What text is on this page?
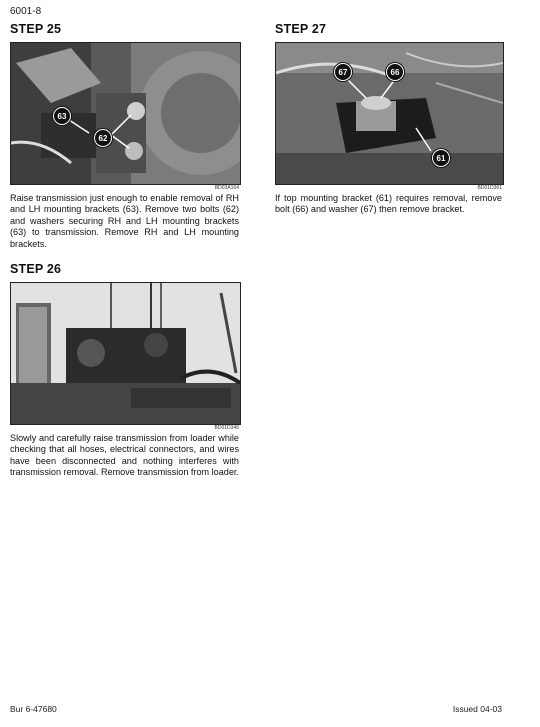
6001-8
STEP 25
63
62
BD03A164
Raise transmission just enough to enable removal of RH and LH mounting brackets (63). Remove two bolts (62) and washers securing RH and LH mounting brackets (63) to transmission. Remove RH and LH mounting brackets.
STEP 26
BD01D346
Slowly and carefully raise transmission from loader while checking that all hoses, electrical connectors, and wires have been disconnected and nothing interferes with transmission removal. Remove transmission from loader.
STEP 27
67	66
61
BD01D361
If top mounting bracket (61) requires removal, remove bolt (66) and washer (67) then remove bracket.
Bur 6-47680	Issued 04-03
